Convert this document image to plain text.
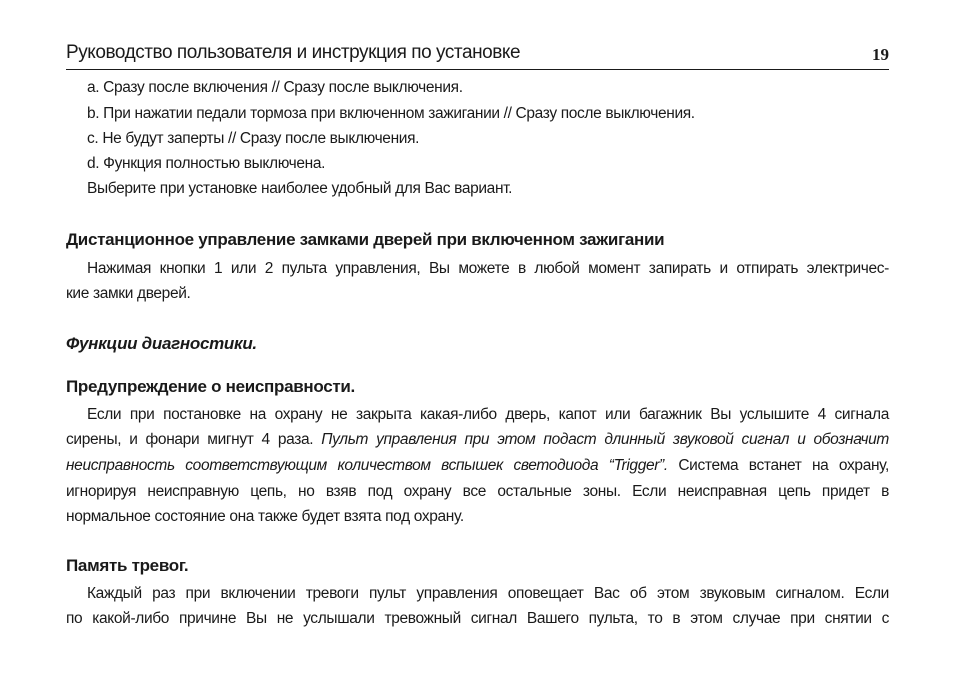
Руководство пользователя и инструкция по установке	19
a. Сразу после включения // Сразу после выключения.
b. При нажатии педали тормоза при включенном зажигании // Сразу после выключения.
c. Не будут заперты // Сразу после выключения.
d. Функция полностью выключена.
Выберите при установке наиболее удобный для Вас вариант.
Дистанционное управление замками дверей при включенном зажигании
Нажимая кнопки 1 или 2 пульта управления, Вы можете в любой момент запирать и отпирать электричес-
кие замки дверей.
Функции диагностики.
Предупреждение о неисправности.
Если при постановке на охрану не закрыта какая-либо дверь, капот или багажник Вы услышите 4 сигнала
сирены, и фонари мигнут 4 раза. Пульт управления при этом подаст длинный звуковой сигнал и обозначит
неисправность соответствующим количеством вспышек светодиода “Trigger”. Система встанет на охрану,
игнорируя неисправную цепь, но взяв под охрану все остальные зоны. Если неисправная цепь придет в
нормальное состояние она также будет взята под охрану.
Память тревог.
Каждый раз при включении тревоги пульт управления оповещает Вас об этом звуковым сигналом. Если
по какой-либо причине Вы не услышали тревожный сигнал Вашего пульта, то в этом случае при снятии с
